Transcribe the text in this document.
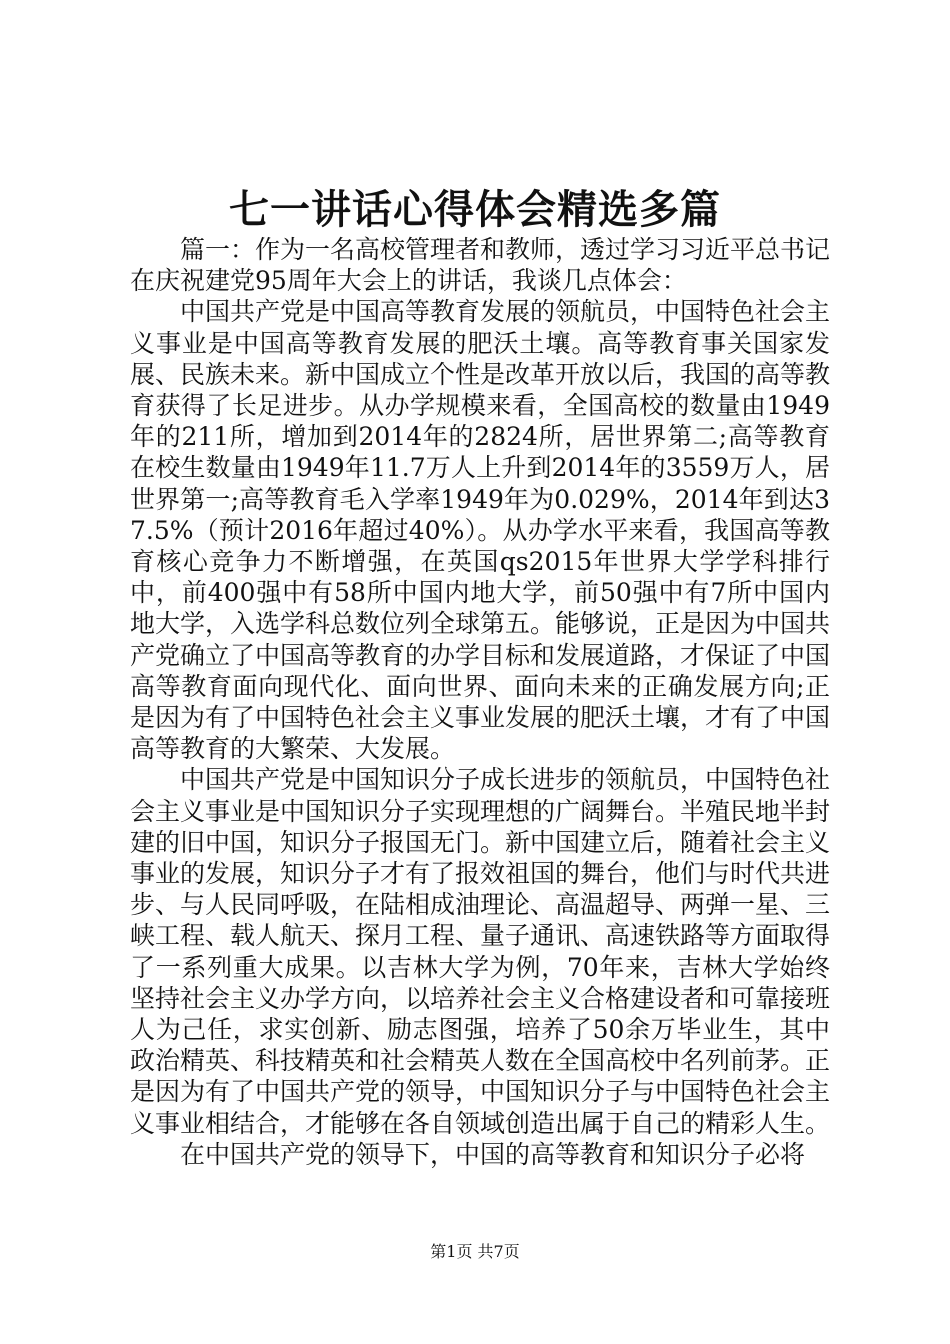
七一讲话心得体会精选多篇

篇一：作为一名高校管理者和教师，透过学习习近平总书记在庆祝建党95周年大会上的讲话，我谈几点体会：

中国共产党是中国高等教育发展的领航员，中国特色社会主义事业是中国高等教育发展的肥沃土壤。高等教育事关国家发展、民族未来。新中国成立个性是改革开放以后，我国的高等教育获得了长足进步。从办学规模来看，全国高校的数量由1949年的211所，增加到2014年的2824所，居世界第二;高等教育在校生数量由1949年11.7万人上升到2014年的3559万人，居世界第一;高等教育毛入学率1949年为0.029%，2014年到达37.5%（预计2016年超过40%）。从办学水平来看，我国高等教育核心竞争力不断增强，在英国qs2015年世界大学学科排行中，前400强中有58所中国内地大学，前50强中有7所中国内地大学，入选学科总数位列全球第五。能够说，正是因为中国共产党确立了中国高等教育的办学目标和发展道路，才保证了中国高等教育面向现代化、面向世界、面向未来的正确发展方向;正是因为有了中国特色社会主义事业发展的肥沃土壤，才有了中国高等教育的大繁荣、大发展。

中国共产党是中国知识分子成长进步的领航员，中国特色社会主义事业是中国知识分子实现理想的广阔舞台。半殖民地半封建的旧中国，知识分子报国无门。新中国建立后，随着社会主义事业的发展，知识分子才有了报效祖国的舞台，他们与时代共进步、与人民同呼吸，在陆相成油理论、高温超导、两弹一星、三峡工程、载人航天、探月工程、量子通讯、高速铁路等方面取得了一系列重大成果。以吉林大学为例，70年来，吉林大学始终坚持社会主义办学方向，以培养社会主义合格建设者和可靠接班人为己任，求实创新、励志图强，培养了50余万毕业生，其中政治精英、科技精英和社会精英人数在全国高校中名列前茅。正是因为有了中国共产党的领导，中国知识分子与中国特色社会主义事业相结合，才能够在各自领域创造出属于自己的精彩人生。

在中国共产党的领导下，中国的高等教育和知识分子必将

第1页 共7页
